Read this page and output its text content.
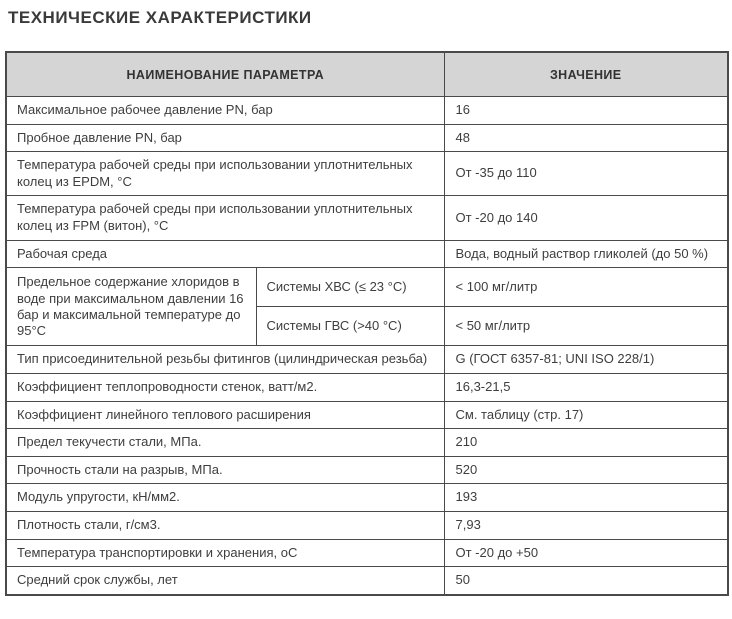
ТЕХНИЧЕСКИЕ ХАРАКТЕРИСТИКИ
НАИМЕНОВАНИЕ ПАРАМЕТРА		ЗНАЧЕНИЕ
Максимальное рабочее давление PN, бар		16
Пробное давление PN, бар		48
Температура рабочей среды при использовании уплотнительных колец из EPDM, °С		От -35 до 110
Температура рабочей среды при использовании уплотнительных колец из FPM (витон), °С		От -20 до 140
Рабочая среда		Вода, водный раствор гликолей (до 50 %)
Предельное содержание хлоридов в воде при максимальном давлении 16 бар и максимальной температуре до 95°С	Системы ХВС (≤ 23 °C)	< 100 мг/литр
	Системы ГВС (>40 °C)	< 50 мг/литр
Тип присоединительной резьбы фитингов (цилиндрическая резьба)		G (ГОСТ 6357-81; UNI ISO 228/1)
Коэффициент теплопроводности стенок, ватт/м2.		16,3-21,5
Коэффициент линейного теплового расширения		См. таблицу (стр. 17)
Предел текучести стали, МПа.		210
Прочность стали на разрыв, МПа.		520
Модуль упругости, кН/мм2.		193
Плотность стали, г/см3.		7,93
Температура транспортировки и хранения, оС		От -20 до +50
Средний срок службы, лет		50
